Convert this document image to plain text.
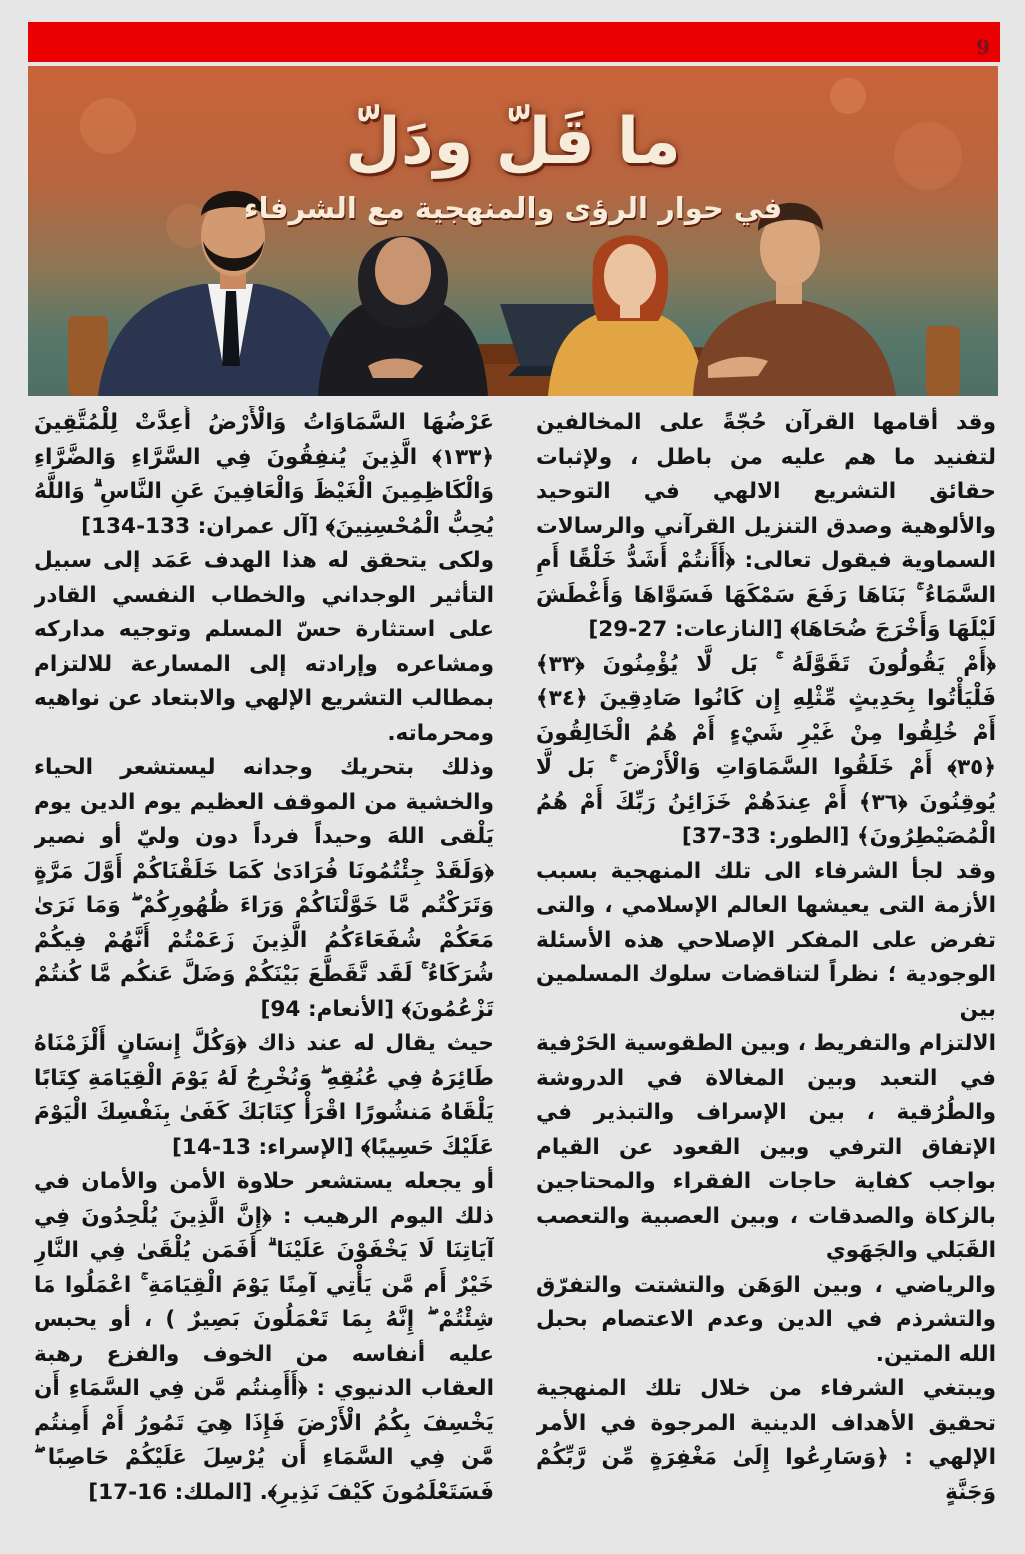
9
ما قَلّ ودَلّ
في حوار الرؤى والمنهجية مع الشرفاء

وقد أقامها القرآن حُجّةً على المخالفين لتفنيد ما هم عليه من باطل ، ولإثبات حقائق التشريع الالهي في التوحيد والألوهية وصدق التنزيل القرآني والرسالات السماوية فيقول تعالى: ﴿أَأَنتُمْ أَشَدُّ خَلْقًا أَمِ السَّمَاءُ ۚ بَنَاهَا رَفَعَ سَمْكَهَا فَسَوَّاهَا وَأَغْطَشَ لَيْلَهَا وَأَخْرَجَ ضُحَاهَا﴾ [النازعات: 27-29]

﴿أَمْ يَقُولُونَ تَقَوَّلَهُ ۚ بَل لَّا يُؤْمِنُونَ ﴿٣٣﴾ فَلْيَأْتُوا بِحَدِيثٍ مِّثْلِهِ إِن كَانُوا صَادِقِينَ ﴿٣٤﴾ أَمْ خُلِقُوا مِنْ غَيْرِ شَيْءٍ أَمْ هُمُ الْخَالِقُونَ ﴿٣٥﴾ أَمْ خَلَقُوا السَّمَاوَاتِ وَالْأَرْضَ ۚ بَل لَّا يُوقِنُونَ ﴿٣٦﴾ أَمْ عِندَهُمْ خَزَائِنُ رَبِّكَ أَمْ هُمُ الْمُصَيْطِرُونَ﴾ [الطور: 33-37]

وقد لجأ الشرفاء الى تلك المنهجية بسبب الأزمة التى يعيشها العالم الإسلامي ، والتى تفرض على المفكر الإصلاحي هذه الأسئلة الوجودية ؛ نظراً لتناقضات سلوك المسلمين بين

الالتزام والتفريط ، وبين الطقوسية الحَرْفية في التعبد وبين المغالاة في الدروشة والطُرُقية ، بين الإسراف والتبذير في الإتفاق الترفي وبين القعود عن القيام بواجب كفاية حاجات الفقراء والمحتاجين بالزكاة والصدقات ، وبين العصبية والتعصب القَبَلي والجَهَوي

والرياضي ، وبين الوَهَن والتشتت والتفرّق والتشرذم في الدين وعدم الاعتصام بحبل الله المتين.

ويبتغي الشرفاء من خلال تلك المنهجية تحقيق الأهداف الدينية المرجوة في الأمر الإلهي : ﴿وَسَارِعُوا إِلَىٰ مَغْفِرَةٍ مِّن رَّبِّكُمْ وَجَنَّةٍ

عَرْضُهَا السَّمَاوَاتُ وَالْأَرْضُ أُعِدَّتْ لِلْمُتَّقِينَ ﴿١٣٣﴾ الَّذِينَ يُنفِقُونَ فِي السَّرَّاءِ وَالضَّرَّاءِ وَالْكَاظِمِينَ الْغَيْظَ وَالْعَافِينَ عَنِ النَّاسِ ۗ وَاللَّهُ يُحِبُّ الْمُحْسِنِينَ﴾ [آل عمران: 133-134]

ولكى يتحقق له هذا الهدف عَمَد إلى سبيل التأثير الوجداني والخطاب النفسي القادر على استثارة حسّ المسلم وتوجيه مداركه ومشاعره وإرادته إلى المسارعة للالتزام بمطالب التشريع الإلهي والابتعاد عن نواهيه ومحرماته.

وذلك بتحريك وجدانه ليستشعر الحياء والخشية من الموقف العظيم يوم الدين يوم يَلْقى اللهَ وحيداً فرداً دون وليّ أو نصير ﴿وَلَقَدْ جِئْتُمُونَا فُرَادَىٰ كَمَا خَلَقْنَاكُمْ أَوَّلَ مَرَّةٍ وَتَرَكْتُم مَّا خَوَّلْنَاكُمْ وَرَاءَ ظُهُورِكُمْ ۖ وَمَا نَرَىٰ مَعَكُمْ شُفَعَاءَكُمُ الَّذِينَ زَعَمْتُمْ أَنَّهُمْ فِيكُمْ شُرَكَاءُ ۚ لَقَد تَّقَطَّعَ بَيْنَكُمْ وَضَلَّ عَنكُم مَّا كُنتُمْ تَزْعُمُونَ﴾ [الأنعام: 94]

حيث يقال له عند ذاك ﴿وَكُلَّ إِنسَانٍ أَلْزَمْنَاهُ طَائِرَهُ فِي عُنُقِهِ ۖ وَنُخْرِجُ لَهُ يَوْمَ الْقِيَامَةِ كِتَابًا يَلْقَاهُ مَنشُورًا اقْرَأْ كِتَابَكَ كَفَىٰ بِنَفْسِكَ الْيَوْمَ عَلَيْكَ حَسِيبًا﴾ [الإسراء: 13-14]

أو يجعله يستشعر حلاوة الأمن والأمان في ذلك اليوم الرهيب : ﴿إِنَّ الَّذِينَ يُلْحِدُونَ فِي آيَاتِنَا لَا يَخْفَوْنَ عَلَيْنَا ۗ أَفَمَن يُلْقَىٰ فِي النَّارِ خَيْرٌ أَم مَّن يَأْتِي آمِنًا يَوْمَ الْقِيَامَةِ ۚ اعْمَلُوا مَا شِئْتُمْ ۖ إِنَّهُ بِمَا تَعْمَلُونَ بَصِيرٌ ) ، أو يحبس عليه أنفاسه من الخوف والفزع رهبة العقاب الدنيوي : ﴿أَأَمِنتُم مَّن فِي السَّمَاءِ أَن يَخْسِفَ بِكُمُ الْأَرْضَ فَإِذَا هِيَ تَمُورُ أَمْ أَمِنتُم مَّن فِي السَّمَاءِ أَن يُرْسِلَ عَلَيْكُمْ حَاصِبًا ۖ فَسَتَعْلَمُونَ كَيْفَ نَذِيرِ﴾. [الملك: 16-17]
